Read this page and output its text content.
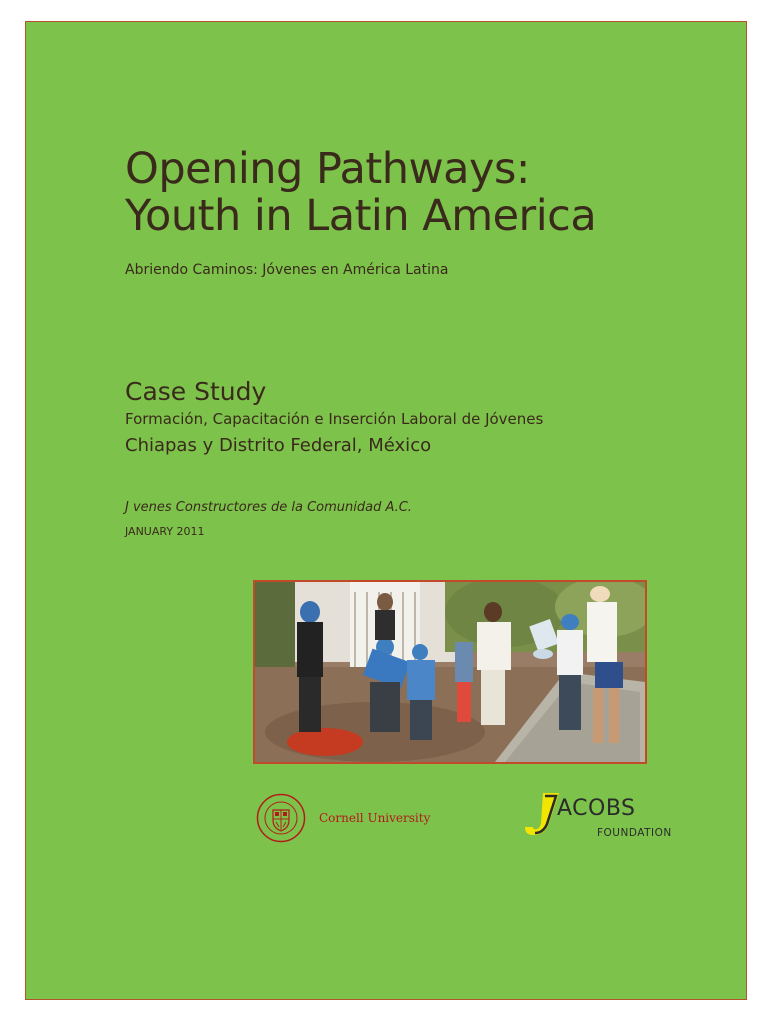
Opening Pathways:
Youth in Latin America
Abriendo Caminos: Jóvenes en América Latina
Case Study
Formación, Capacitación e Inserción Laboral de Jóvenes
Chiapas y Distrito Federal, México
J venes Constructores de la Comunidad A.C.
JANUARY 2011
Cornell University	ACOBS
FOUNDATION
